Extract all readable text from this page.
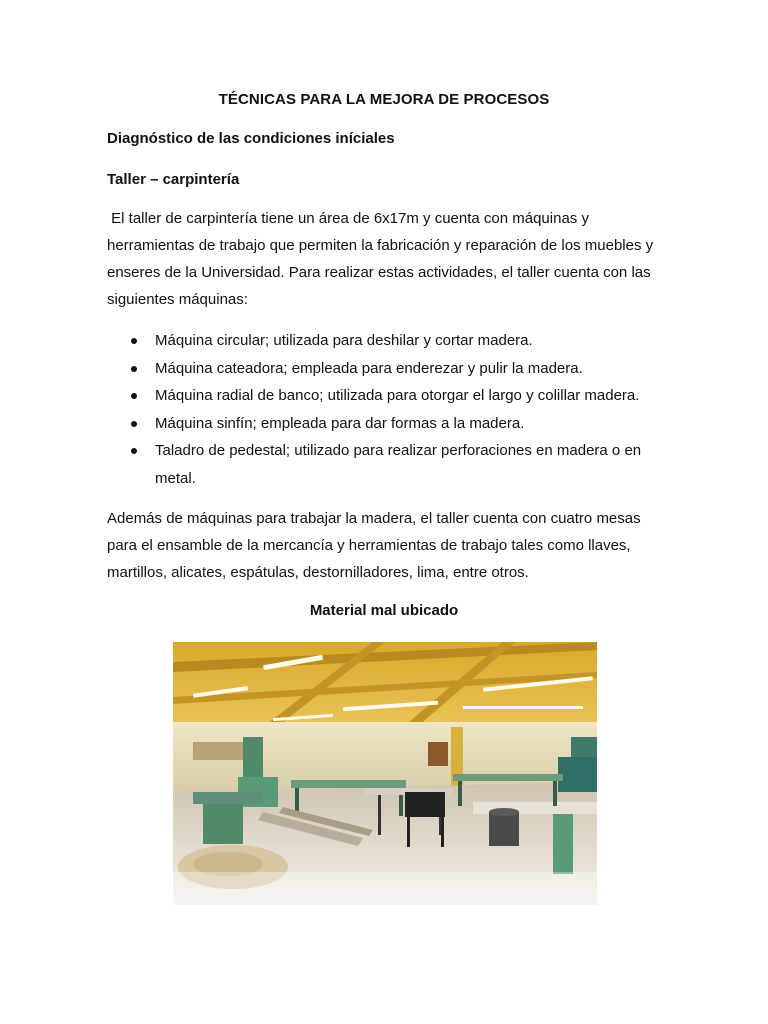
TÉCNICAS PARA LA MEJORA DE PROCESOS
Diagnóstico de las condiciones iníciales
Taller – carpintería

El taller de carpintería tiene un área de 6x17m y cuenta con máquinas y herramientas de trabajo que permiten la fabricación y reparación de los muebles y enseres de la Universidad. Para realizar estas actividades, el taller cuenta con las siguientes máquinas:

Máquina circular; utilizada para deshilar y cortar madera.
Máquina cateadora; empleada para enderezar y pulir la madera.
Máquina radial de banco; utilizada para otorgar el largo y colillar madera.
Máquina sinfín; empleada para dar formas a la madera.
Taladro de pedestal; utilizado para realizar perforaciones en madera o en metal.

Además de máquinas para trabajar la madera, el taller cuenta con cuatro mesas para el ensamble de la mercancía y herramientas de trabajo tales como llaves, martillos, alicates, espátulas, destornilladores, lima, entre otros.

Material mal ubicado
